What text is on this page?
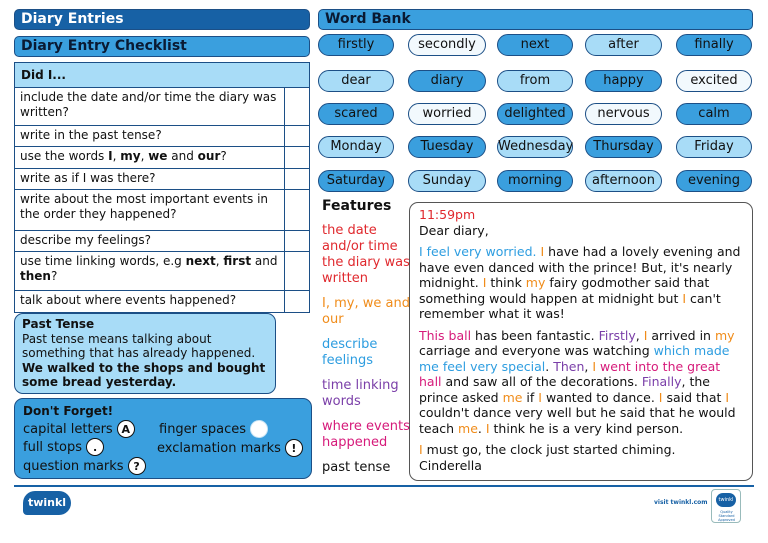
Diary Entries
Diary Entry Checklist
Word Bank
Did I...
include the date and/or time the diary was written?
write in the past tense?
use the words I, my, we and our?
write as if I was there?
write about the most important events in the order they happened?
describe my feelings?
use time linking words, e.g next, first and then?
talk about where events happened?
Past Tense
Past tense means talking about something that has already happened.
We walked to the shops and bought some bread yesterday.
Don't Forget!
capital letters A	finger spaces
full stops .	exclamation marks !
question marks ?
firstly	secondly	next	after	finally
dear	diary	from	happy	excited
scared	worried	delighted	nervous	calm
Monday	Tuesday	Wednesday	Thursday	Friday
Saturday	Sunday	morning	afternoon	evening
Features
the date and/or time the diary was written
I, my, we and our
describe feelings
time linking words
where events happened
past tense
11:59pm

Dear diary,

I feel very worried. I have had a lovely evening and have even danced with the prince! But, it's nearly midnight. I think my fairy godmother said that something would happen at midnight but I can't remember what it was!

This ball has been fantastic. Firstly, I arrived in my carriage and everyone was watching which made me feel very special. Then, I went into the great hall and saw all of the decorations. Finally, the prince asked me if I wanted to dance. I said that I couldn't dance very well but he said that he would teach me. I think he is a very kind person.

I must go, the clock just started chiming.
Cinderella
twinkl	visit twinkl.com	twinkl
Quality Standard Approved
